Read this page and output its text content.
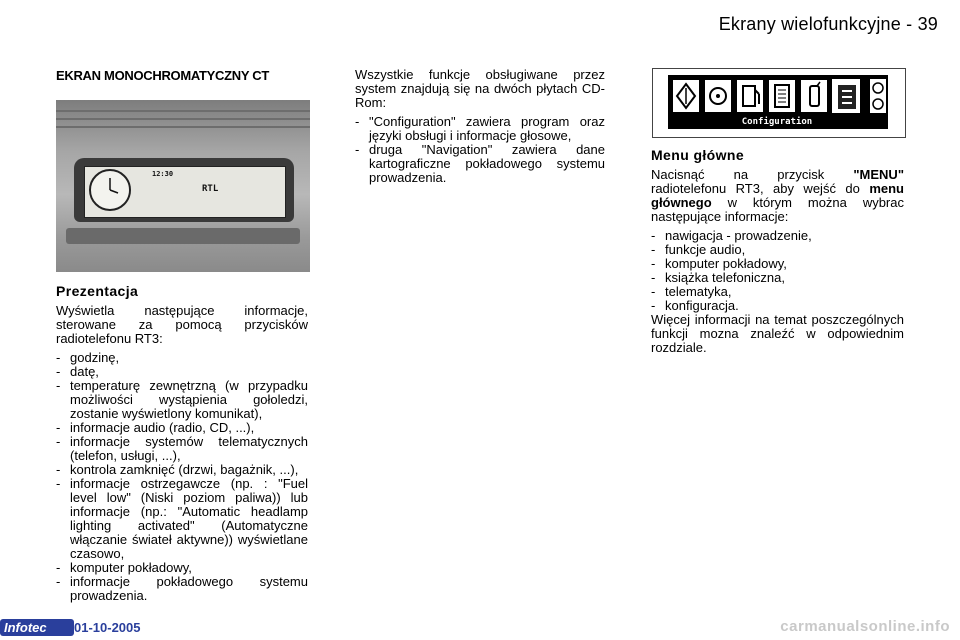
Ekrany wielofunkcyjne - 39
EKRAN MONOCHROMATYCZNY CT
12:30
RTL
Prezentacja

Wyświetla następujące informacje, sterowane za pomocą przycisków radiotelefonu RT3:

- godzinę,
- datę,
- temperaturę zewnętrzną (w przypadku możliwości wystąpienia gołoledzi, zostanie wyświetlony komunikat),
- informacje audio (radio, CD, ...),
- informacje systemów telematycznych (telefon, usługi, ...),
- kontrola zamknięć (drzwi, bagażnik, ...),
- informacje ostrzegawcze (np. : "Fuel level low" (Niski poziom paliwa)) lub informacje (np.: "Automatic headlamp lighting activated" (Automatyczne włączanie świateł aktywne)) wyświetlane czasowo,
- komputer pokładowy,
- informacje pokładowego systemu prowadzenia.

Wszystkie funkcje obsługiwane przez system znajdują się na dwóch płytach CD-Rom:

- "Configuration" zawiera program oraz języki obsługi i informacje głosowe,
- druga "Navigation" zawiera dane kartograficzne pokładowego systemu prowadzenia.
Configuration
Menu główne

Nacisnąć na przycisk "MENU" radiotelefonu RT3, aby wejść do menu głównego w którym można wybrac następujące informacje:

- nawigacja - prowadzenie,
- funkcje audio,
- komputer pokładowy,
- książka telefoniczna,
- telematyka,
- konfiguracja.

Więcej informacji na temat poszczególnych funkcji mozna znaleźć w odpowiednim rozdziale.

Infotec	01-10-2005	carmanualsonline.info
